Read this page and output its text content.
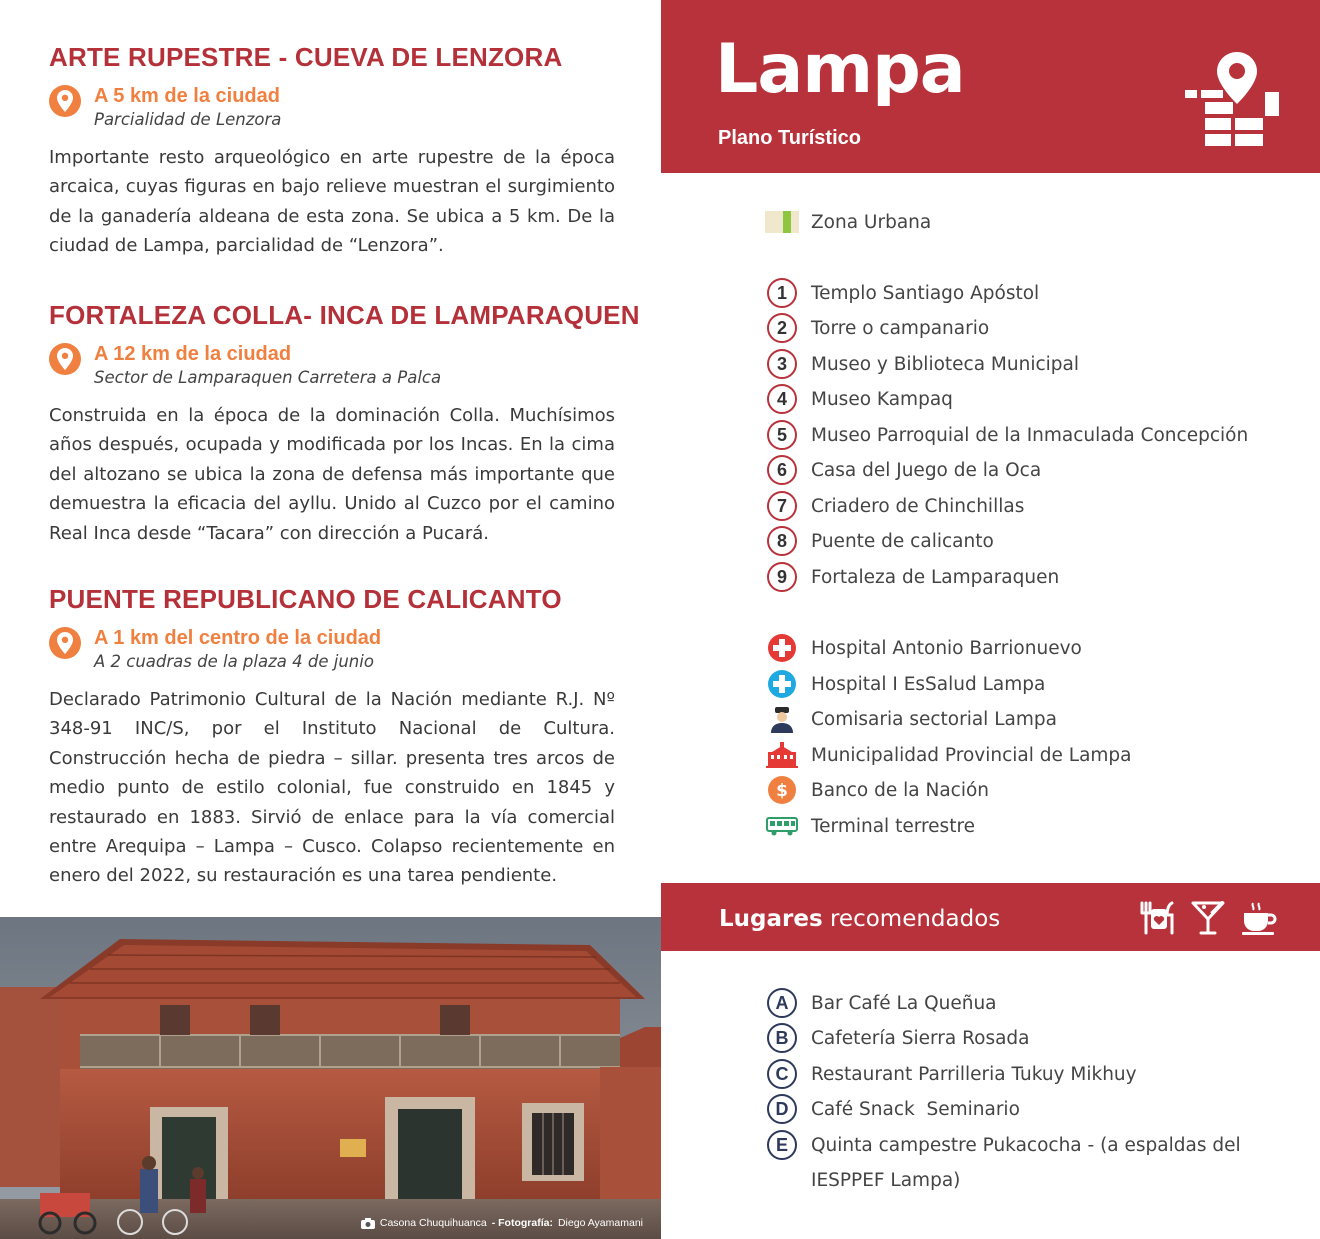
ARTE RUPESTRE - CUEVA DE LENZORA
A 5 km de la ciudad
Parcialidad de Lenzora

Importante resto arqueológico en arte rupestre de la época arcaica, cuyas figuras en bajo relieve muestran el surgimiento de la ganadería aldeana de esta zona. Se ubica a 5 km. De la ciudad de Lampa, parcialidad de “Lenzora”.

FORTALEZA COLLA- INCA DE LAMPARAQUEN
A 12 km de la ciudad
Sector de Lamparaquen Carretera a Palca

Construida en la época de la dominación Colla. Muchísimos años después, ocupada y modificada por los Incas. En la cima del altozano se ubica la zona de defensa más importante que demuestra la eficacia del ayllu. Unido al Cuzco por el camino Real Inca desde “Tacara” con dirección a Pucará.

PUENTE REPUBLICANO DE CALICANTO
A 1 km del centro de la ciudad
A 2 cuadras de la plaza 4 de junio

Declarado Patrimonio Cultural de la Nación mediante R.J. Nº 348-91 INC/S, por el Instituto Nacional de Cultura. Construcción hecha de piedra – sillar. presenta tres arcos de medio punto de estilo colonial, fue construido en 1845 y restaurado en 1883. Sirvió de enlace para la vía comercial entre Arequipa – Lampa – Cusco. Colapso recientemente en enero del 2022, su restauración es una tarea pendiente.

Casona Chuquihuanca - Fotografía: Diego Ayamamani
Lampa
Plano Turístico
Zona Urbana
1	Templo Santiago Apóstol
2	Torre o campanario
3	Museo y Biblioteca Municipal
4	Museo Kampaq
5	Museo Parroquial de la Inmaculada Concepción
6	Casa del Juego de la Oca
7	Criadero de Chinchillas
8	Puente de calicanto
9	Fortaleza de Lamparaquen
Hospital Antonio Barrionuevo
Hospital I EsSalud Lampa
Comisaria sectorial Lampa
Municipalidad Provincial de Lampa
$ Banco de la Nación
Terminal terrestre
Lugares recomendados
A	Bar Café La Queñua
B	Cafetería Sierra Rosada
C	Restaurant Parrilleria Tukuy Mikhuy
D	Café Snack  Seminario
E	Quinta campestre Pukacocha - (a espaldas del
IESPPEF Lampa)
